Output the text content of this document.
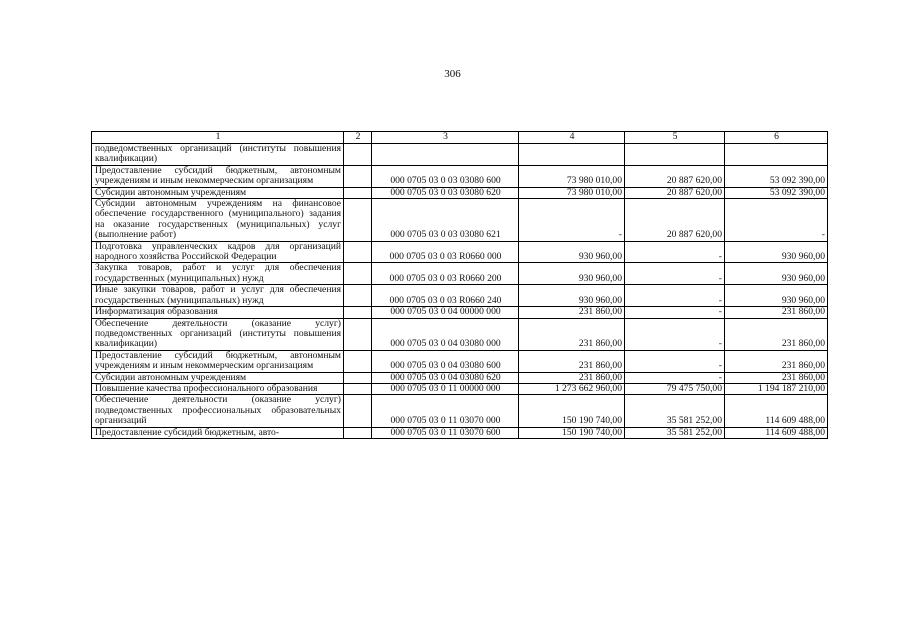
306
1	2	3	4	5	6
подведомственных организаций (институты повышения квалификации)					
Предоставление субсидий бюджетным, автономным учреждениям и иным некоммерческим организациям		000 0705 03 0 03 03080 600	73 980 010,00	20 887 620,00	53 092 390,00
Субсидии автономным учреждениям		000 0705 03 0 03 03080 620	73 980 010,00	20 887 620,00	53 092 390,00
Субсидии автономным учреждениям на финансовое обеспечение государственного (муниципального) задания на оказание государственных (муниципальных) услуг (выполнение работ)		000 0705 03 0 03 03080 621	-	20 887 620,00	-
Подготовка управленческих кадров для организаций народного хозяйства Российской Федерации		000 0705 03 0 03 R0660 000	930 960,00	-	930 960,00
Закупка товаров, работ и услуг для обеспечения государственных (муниципальных) нужд		000 0705 03 0 03 R0660 200	930 960,00	-	930 960,00
Иные закупки товаров, работ и услуг для обеспечения государственных (муниципальных) нужд		000 0705 03 0 03 R0660 240	930 960,00	-	930 960,00
Информатизация образования		000 0705 03 0 04 00000 000	231 860,00	-	231 860,00
Обеспечение деятельности (оказание услуг) подведомственных организаций (институты повышения квалификации)		000 0705 03 0 04 03080 000	231 860,00	-	231 860,00
Предоставление субсидий бюджетным, автономным учреждениям и иным некоммерческим организациям		000 0705 03 0 04 03080 600	231 860,00	-	231 860,00
Субсидии автономным учреждениям		000 0705 03 0 04 03080 620	231 860,00	-	231 860,00
Повышение качества профессионального образования		000 0705 03 0 11 00000 000	1 273 662 960,00	79 475 750,00	1 194 187 210,00
Обеспечение деятельности (оказание услуг) подведомственных профессиональных образовательных организаций		000 0705 03 0 11 03070 000	150 190 740,00	35 581 252,00	114 609 488,00
Предоставление субсидий бюджетным, авто-		000 0705 03 0 11 03070 600	150 190 740,00	35 581 252,00	114 609 488,00
